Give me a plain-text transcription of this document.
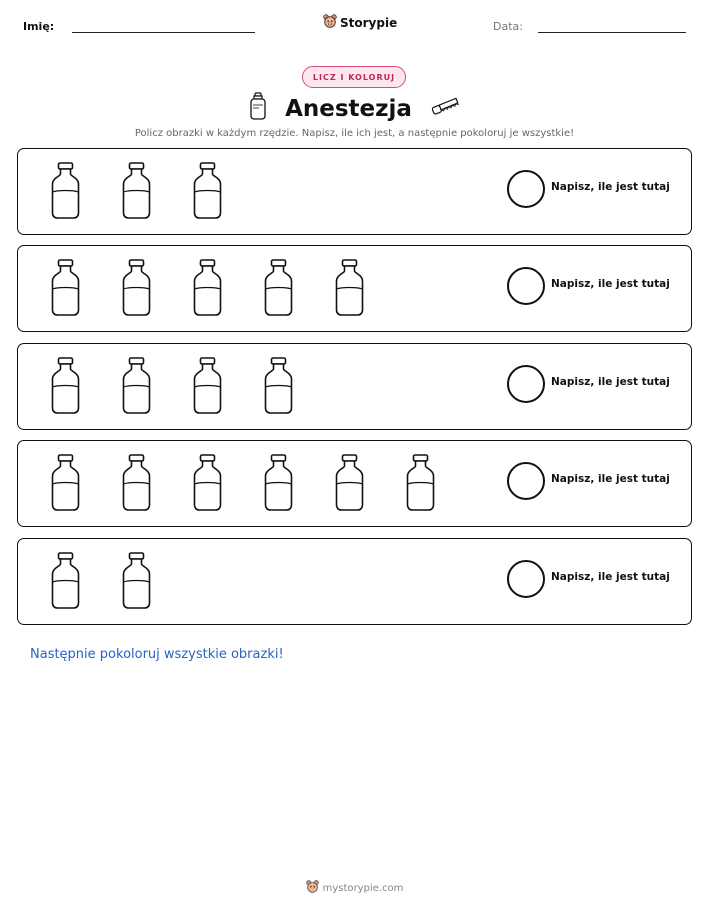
Imię:	Storypie	Data:
LICZ I KOLORUJ
Anestezja
Policz obrazki w każdym rzędzie. Napisz, ile ich jest, a następnie pokoloruj je wszystkie!
Napisz, ile jest tutaj
Napisz, ile jest tutaj
Napisz, ile jest tutaj
Napisz, ile jest tutaj
Napisz, ile jest tutaj
Następnie pokoloruj wszystkie obrazki!
mystorypie.com
